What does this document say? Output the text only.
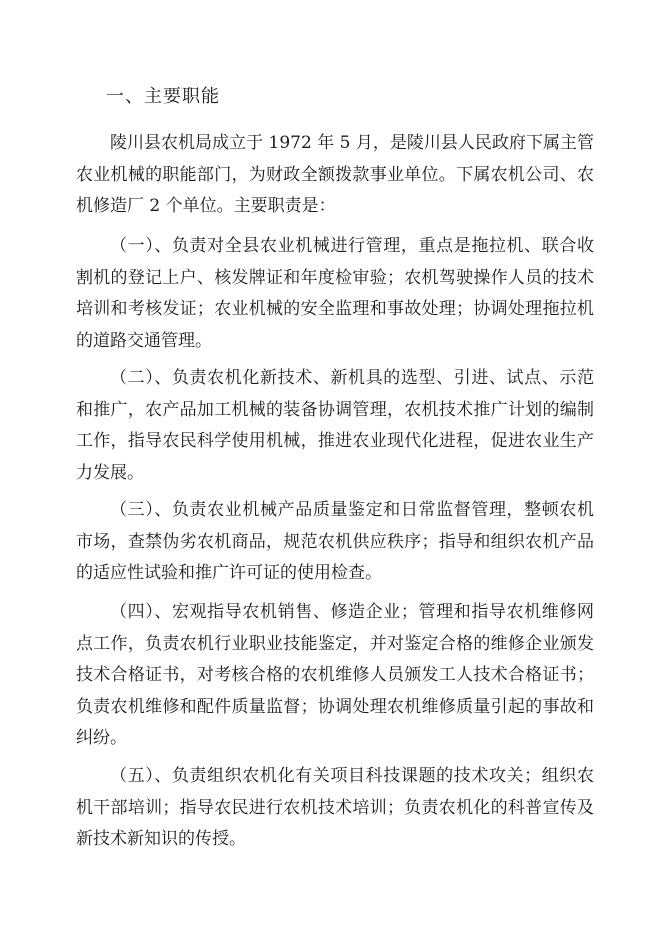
一、主要职能

陵川县农机局成立于 1972 年 5 月，是陵川县人民政府下属主管农业机械的职能部门，为财政全额拨款事业单位。下属农机公司、农机修造厂 2 个单位。主要职责是：

（一）、负责对全县农业机械进行管理，重点是拖拉机、联合收割机的登记上户、核发牌证和年度检审验；农机驾驶操作人员的技术培训和考核发证；农业机械的安全监理和事故处理；协调处理拖拉机的道路交通管理。

（二）、负责农机化新技术、新机具的选型、引进、试点、示范和推广，农产品加工机械的装备协调管理，农机技术推广计划的编制工作，指导农民科学使用机械，推进农业现代化进程，促进农业生产力发展。

（三）、负责农业机械产品质量鉴定和日常监督管理，整顿农机市场，查禁伪劣农机商品，规范农机供应秩序；指导和组织农机产品的适应性试验和推广许可证的使用检查。

（四）、宏观指导农机销售、修造企业；管理和指导农机维修网点工作，负责农机行业职业技能鉴定，并对鉴定合格的维修企业颁发技术合格证书，对考核合格的农机维修人员颁发工人技术合格证书；负责农机维修和配件质量监督；协调处理农机维修质量引起的事故和纠纷。

（五）、负责组织农机化有关项目科技课题的技术攻关；组织农机干部培训；指导农民进行农机技术培训；负责农机化的科普宣传及新技术新知识的传授。
